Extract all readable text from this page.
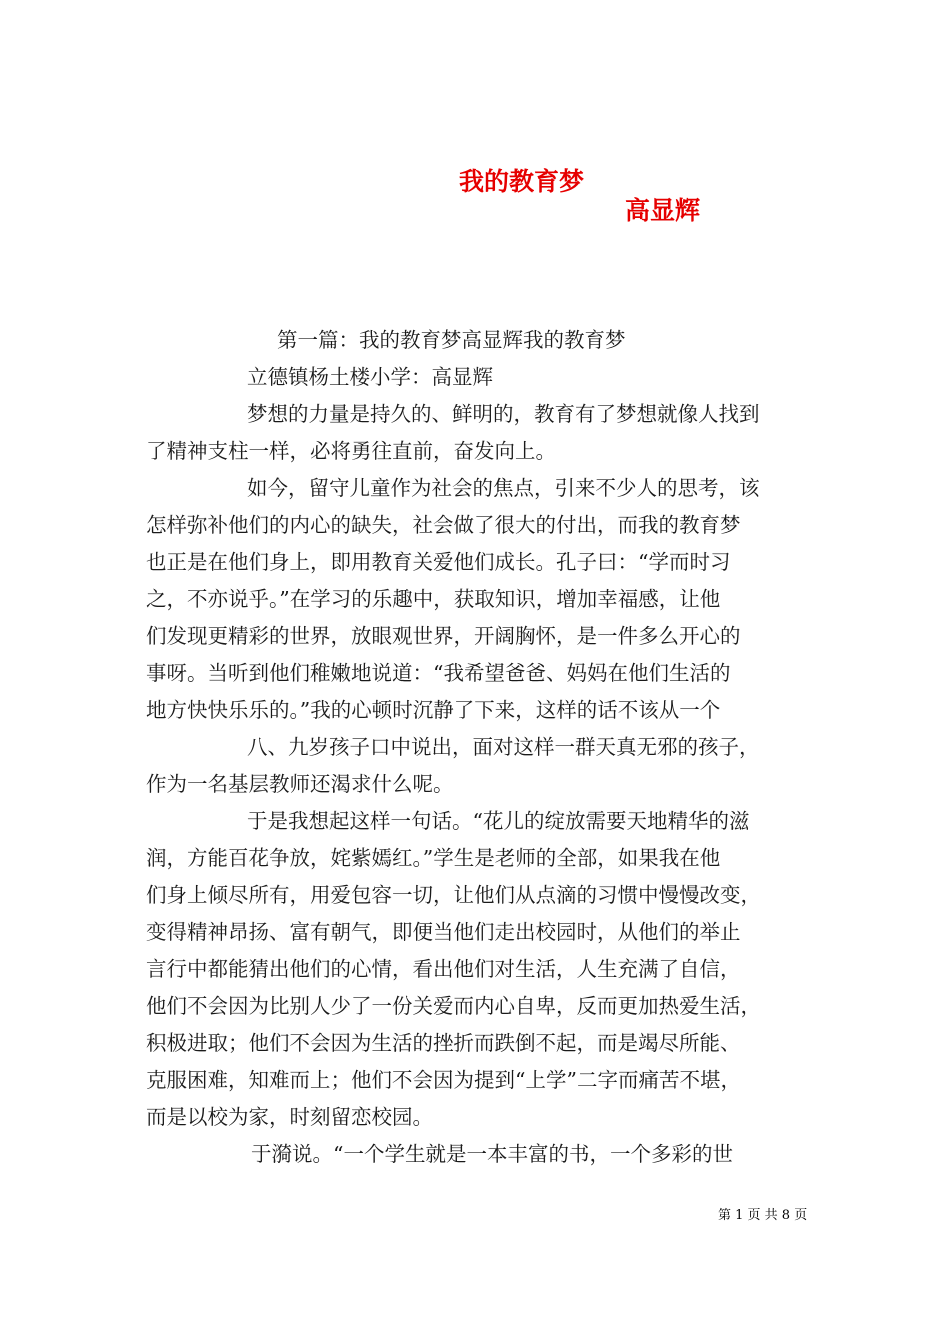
我的教育梦

高显辉

第一篇：我的教育梦高显辉我的教育梦
立德镇杨土楼小学：高显辉
梦想的力量是持久的、鲜明的，教育有了梦想就像人找到
了精神支柱一样，必将勇往直前，奋发向上。
如今，留守儿童作为社会的焦点，引来不少人的思考，该
怎样弥补他们的内心的缺失，社会做了很大的付出，而我的教育梦
也正是在他们身上，即用教育关爱他们成长。孔子曰：“学而时习
之，不亦说乎。”在学习的乐趣中，获取知识，增加幸福感，让他
们发现更精彩的世界，放眼观世界，开阔胸怀，是一件多么开心的
事呀。当听到他们稚嫩地说道：“我希望爸爸、妈妈在他们生活的
地方快快乐乐的。”我的心顿时沉静了下来，这样的话不该从一个
八、九岁孩子口中说出，面对这样一群天真无邪的孩子，
作为一名基层教师还渴求什么呢。
于是我想起这样一句话。“花儿的绽放需要天地精华的滋
润，方能百花争放，姹紫嫣红。”学生是老师的全部，如果我在他
们身上倾尽所有，用爱包容一切，让他们从点滴的习惯中慢慢改变，
变得精神昂扬、富有朝气，即便当他们走出校园时，从他们的举止
言行中都能猜出他们的心情，看出他们对生活，人生充满了自信，
他们不会因为比别人少了一份关爱而内心自卑，反而更加热爱生活，
积极进取；他们不会因为生活的挫折而跌倒不起，而是竭尽所能、
克服困难，知难而上；他们不会因为提到“上学”二字而痛苦不堪，
而是以校为家，时刻留恋校园。
于漪说。“一个学生就是一本丰富的书，一个多彩的世
第 1 页 共 8 页
